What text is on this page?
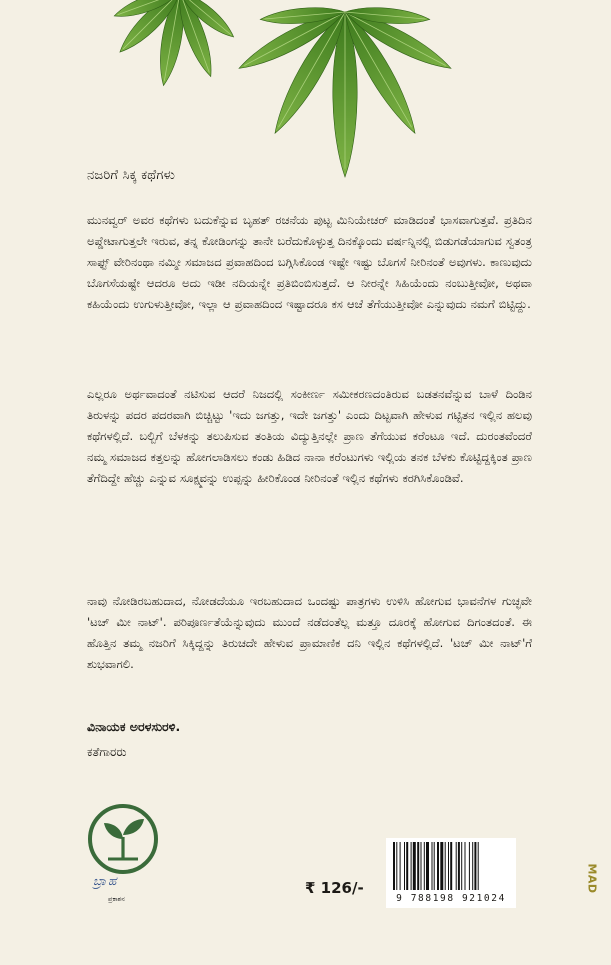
ನಜರಿಗೆ ಸಿಕ್ಕ ಕಥೆಗಳು

ಮುನವ್ವರ್ ಅವರ ಕಥೆಗಳು ಬದುಕೆನ್ನುವ ಬೃಹತ್ ರಚನೆಯ ಪುಟ್ಟ ಮಿನಿಯೇಚರ್ ಮಾಡಿದಂತೆ ಭಾಸವಾಗುತ್ತವೆ. ಪ್ರತಿದಿನ ಅಪ್ಡೇಟಾಗುತ್ತಲೇ ಇರುವ, ತನ್ನ ಕೋಡಿಂಗನ್ನು ತಾನೇ ಬರೆದುಕೊಳ್ಳುತ್ತ ದಿನಕ್ಕೊಂದು ವರ್ಷನ್ನಿನಲ್ಲಿ ಬಿಡುಗಡೆಯಾಗುವ ಸ್ವತಂತ್ರ ಸಾಫ್ಟ್ ವೇರಿನಂಥಾ ನಮ್ಮೀ ಸಮಾಜದ ಪ್ರವಾಹದಿಂದ ಬಗ್ಗಿಸಿಕೊಂಡ ಇಷ್ಟೇ ಇಷ್ಟು ಬೊಗಸೆ ನೀರಿನಂತೆ ಅವುಗಳು. ಕಾಣುವುದು ಬೊಗಸೆಯಷ್ಟೇ ಆದರೂ ಅದು ಇಡೀ ನದಿಯನ್ನೇ ಪ್ರತಿಬಿಂಬಿಸುತ್ತದೆ. ಆ ನೀರನ್ನೇ ಸಿಹಿಯೆಂದು ನಂಬುತ್ತೀವೋ, ಅಥವಾ ಕಹಿಯೆಂದು ಉಗುಳುತ್ತೀವೋ, ಇಲ್ಲಾ ಆ ಪ್ರವಾಹದಿಂದ ಇಷ್ಟಾದರೂ ಕಸ ಆಚೆ ತೆಗೆಯುತ್ತೀವೋ ಎನ್ನುವುದು ನಮಗೆ ಬಿಟ್ಟಿದ್ದು.

ಎಲ್ಲರೂ ಅರ್ಥವಾದಂತೆ ನಟಿಸುವ ಆದರೆ ನಿಜದಲ್ಲಿ ಸಂಕೀರ್ಣ ಸಮೀಕರಣದಂತಿರುವ ಬಡತನವೆನ್ನುವ ಬಾಳೆ ದಿಂಡಿನ ತಿರುಳನ್ನು ಪದರ ಪದರವಾಗಿ ಬಿಚ್ಚಿಟ್ಟು 'ಇದು ಜಗತ್ತು, ಇದೇ ಜಗತ್ತು' ಎಂದು ದಿಟ್ಟವಾಗಿ ಹೇಳುವ ಗಟ್ಟಿತನ ಇಲ್ಲಿನ ಹಲವು ಕಥೆಗಳಲ್ಲಿದೆ. ಬಲ್ಬಿಗೆ ಬೆಳಕನ್ನು ತಲುಪಿಸುವ ತಂತಿಯ ವಿದ್ಯುತ್ತಿನಲ್ಲೇ ಪ್ರಾಣ ತೆಗೆಯುವ ಕರೆಂಟೂ ಇದೆ. ದುರಂತವೆಂದರೆ ನಮ್ಮ ಸಮಾಜದ ಕತ್ತಲನ್ನು ಹೋಗಲಾಡಿಸಲು ಕಂಡು ಹಿಡಿದ ನಾನಾ ಕರೆಂಟುಗಳು ಇಲ್ಲಿಯ ತನಕ ಬೆಳಕು ಕೊಟ್ಟಿದ್ದಕ್ಕಿಂತ ಪ್ರಾಣ ತೆಗೆದಿದ್ದೇ ಹೆಚ್ಚು ಎನ್ನುವ ಸೂಕ್ಷ್ಮವನ್ನು ಉಪ್ಪನ್ನು ಹೀರಿಕೊಂಡ ನೀರಿನಂತೆ ಇಲ್ಲಿನ ಕಥೆಗಳು ಕರಗಿಸಿಕೊಂಡಿವೆ.

ನಾವು ನೋಡಿರಬಹುದಾದ, ನೋಡದೆಯೂ ಇರಬಹುದಾದ ಒಂದಷ್ಟು ಪಾತ್ರಗಳು ಉಳಿಸಿ ಹೋಗುವ ಭಾವನೆಗಳ ಗುಚ್ಛವೇ 'ಟಚ್ ಮೀ ನಾಟ್'. ಪರಿಪೂರ್ಣತೆಯೆನ್ನುವುದು ಮುಂದೆ ನಡೆದಂತೆಲ್ಲ ಮತ್ತೂ ದೂರಕ್ಕೆ ಹೋಗುವ ದಿಗಂತದಂತೆ. ಈ ಹೊತ್ತಿನ ತಮ್ಮ ನಜರಿಗೆ ಸಿಕ್ಕಿದ್ದನ್ನು ತಿರುಚದೇ ಹೇಳುವ ಪ್ರಾಮಾಣಿಕ ದನಿ ಇಲ್ಲಿನ ಕಥೆಗಳಲ್ಲಿದೆ. 'ಟಚ್ ಮೀ ನಾಟ್'ಗೆ ಶುಭವಾಗಲಿ.

ವಿನಾಯಕ ಅರಳಸುರಳಿ.

ಕತೆಗಾರರು

ಬ್ರಾಹ

ಪ್ರಕಾಶನ

₹ 126/-

9 788198 921024

MAD
